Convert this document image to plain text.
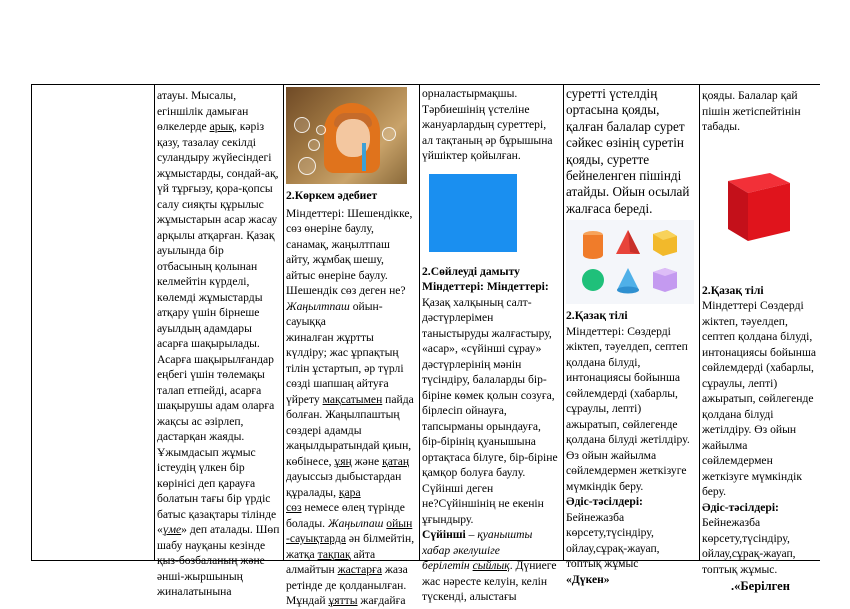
атауы. Мысалы,

егіншілік дамыған

өлкелерде арық, кәріз

қазу, тазалау секілді

суландыру жүйесіндегі

жұмыстарды, сондай-ақ,

үй тұрғызу, қора-қопсы

салу сияқты құрылыс

жұмыстарын асар жасау

арқылы атқарған. Қазақ

ауылында бір

отбасының қолынан

келмейтін күрделі,

көлемді жұмыстарды

атқару үшін бірнеше

ауылдың адамдары

асарға шақырылады.

Асарға шақырылғандар

еңбегі үшін төлемақы

талап етпейді, асарға

шақырушы адам оларға

жақсы ас әзірлеп,

дастарқан жаяды.

Ұжымдасып жұмыс

істеудің үлкен бір

көрінісі деп қарауға

болатын тағы бір үрдіс

батыс қазақтары тілінде

«үме» деп аталады. Шөп

шабу науқаны кезінде

қыз-бозбаланың және

әнші-жыршының

жиналатынына

2.Көркем әдебиет

Міндеттері: Шешендікке,

сөз өнеріне баулу,

санамақ, жаңылтпаш

айту, жұмбақ шешу,

айтыс өнеріне баулу.

Шешендік сөз деген не?

Жаңылтпаш ойын-сауыққа

жиналған жұртты

күлдіру; жас ұрпақтың

тілін ұстартып, әр түрлі

сөзді шапшаң айтуға

үйрету мақсатымен пайда

болған. Жаңылпаштың

сөздері адамды

жаңылдыратындай қиын,

көбінесе, ұяң және қатаң

дауыссыз дыбыстардан

құралады, қара

сөз немесе өлең түрінде

болады. Жаңылпаш ойын

-сауықтарда ән білмейтін,

жатқа тақпақ айта

алмайтын жастарға жаза

ретінде де қолданылған.

Мұндай ұятты жағдайға

орналастырмақшы.

Тәрбиешінің үстеліне

жануарлардың суреттері,

ал тақтаның әр бұрышына

үйшіктер қойылған.

2.Сөйлеуді дамыту

Міндеттері: Міндеттері:

Қазақ халқының салт-

дәстүрлерімен

таныстыруды жалғастыру,

«асар», «сүйінші сұрау»

дәстүрлерінің мәнін

түсіндіру, балаларды бір-

біріне көмек қолын созуға,

бірлесіп ойнауға,

тапсырманы орындауға,

бір-бірінің қуанышына

ортақтаса білуге, бір-біріне

қамқор болуға баулу.

Сүйінші деген

не?Сүйіншінің не екенін

ұғындыру.

Сүйінші – қуанышты

хабар әкелушіге

берілетін сыйлық. Дүниеге

жас нәресте келуін, келін

түскенді, алыстағы

суретті үстелдің

ортасына қояды,

қалған балалар сурет

сәйкес өзінің суретін

қояды, суретте

бейнеленген пішінді

атайды. Ойын осылай

жалғаса береді.

2.Қазақ тілі

Міндеттері: Сөздерді

жіктеп, тәуелдеп, септеп

қолдана білуді,

интонациясы бойынша

сөйлемдерді (хабарлы,

сұраулы, лепті)

ажыратып, сөйлегенде

қолдана білуді жетілдіру.

Өз ойын жайылма

сөйлемдермен жеткізуге

мүмкіндік беру.

Әдіс-тәсілдері:

Бейнежазба

көрсету,түсіндіру,

ойлау,сұрақ-жауап,

топтық жұмыс

«Дүкен»

қояды. Балалар қай

пішін жетіспейтінін

табады.

2.Қазақ тілі

Міндеттері Сөздерді

жіктеп, тәуелдеп,

септеп қолдана білуді,

интонациясы бойынша

сөйлемдерді (хабарлы,

сұраулы, лепті)

ажыратып, сөйлегенде

қолдана білуді

жетілдіру. Өз ойын

жайылма сөйлемдермен

жеткізуге мүмкіндік

беру.

Әдіс-тәсілдері:

Бейнежазба

көрсету,түсіндіру,

ойлау,сұрақ-жауап,

топтық жұмыс.

.«Берілген
